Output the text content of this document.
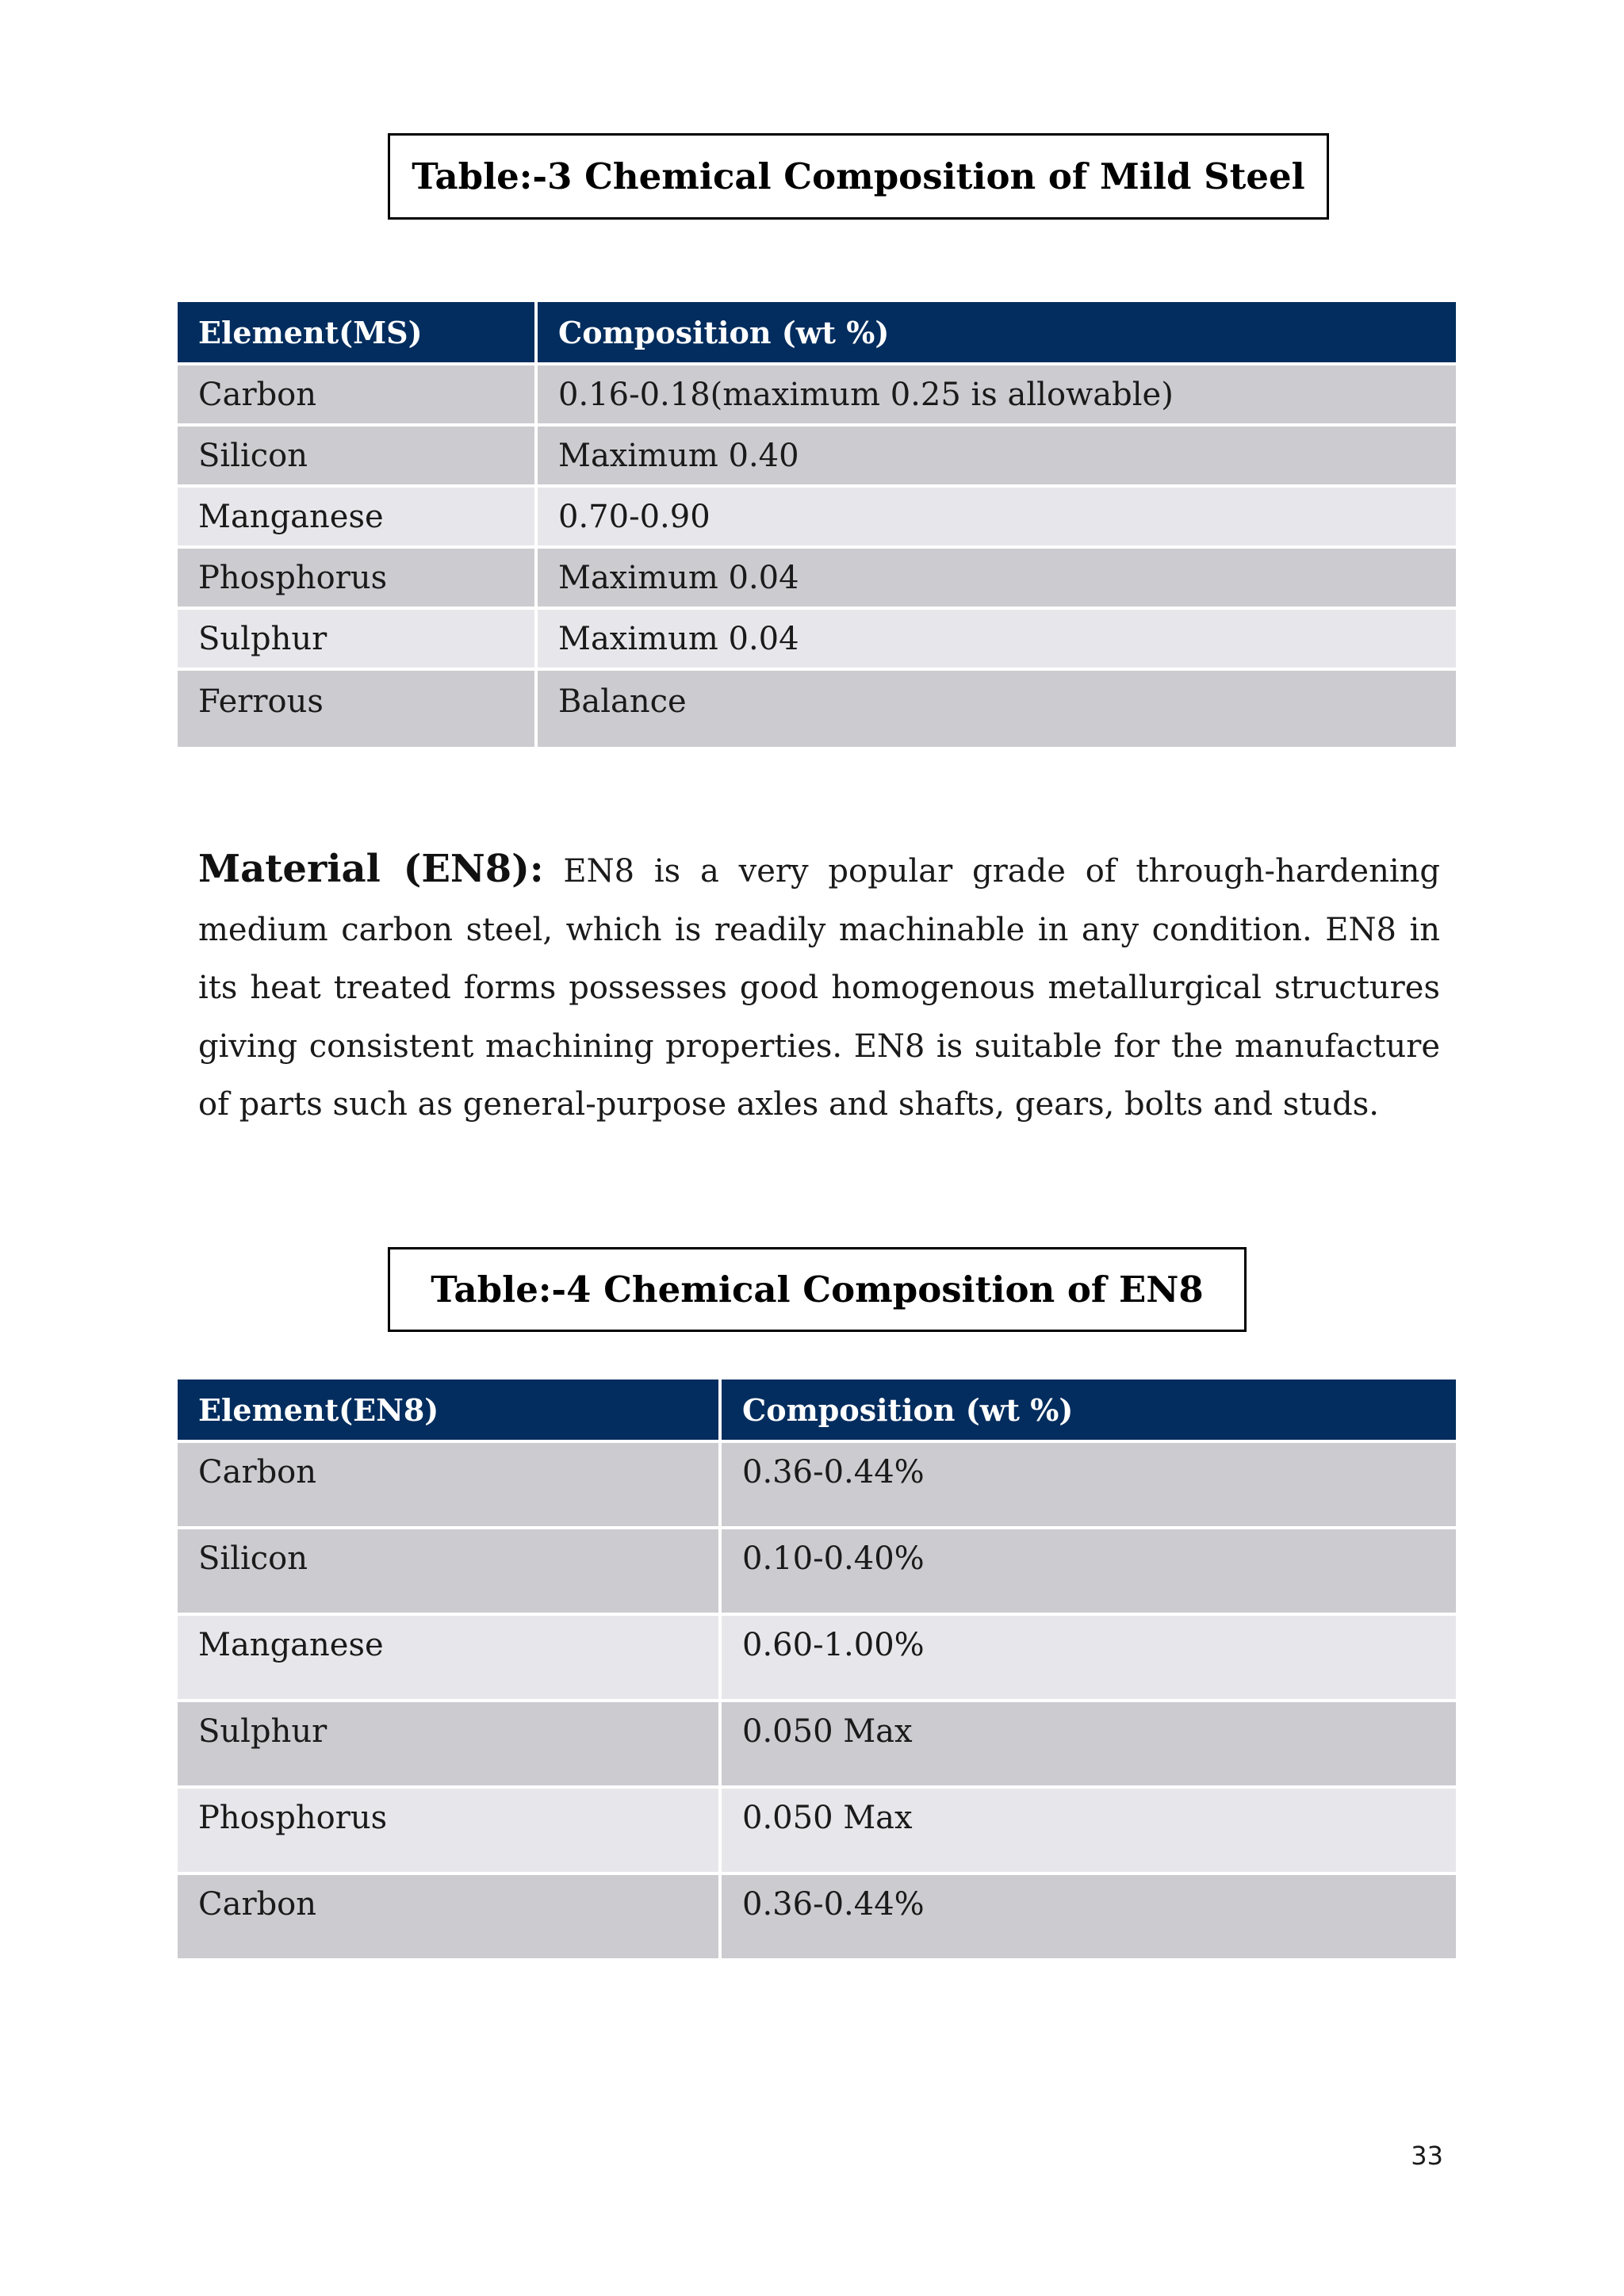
Table:-3 Chemical Composition of Mild Steel
Element(MS)	Composition (wt %)
Carbon	0.16-0.18(maximum 0.25 is allowable)
Silicon	Maximum 0.40
Manganese	0.70-0.90
Phosphorus	Maximum 0.04
Sulphur	Maximum 0.04
Ferrous	Balance
Material (EN8): EN8 is a very popular grade of through-hardening medium carbon steel, which is readily machinable in any condition. EN8 in its heat treated forms possesses good homogenous metallurgical structures giving consistent machining properties. EN8 is suitable for the manufacture of parts such as general-purpose axles and shafts, gears, bolts and studs.
Table:-4 Chemical Composition of EN8
Element(EN8)	Composition (wt %)
Carbon	0.36-0.44%
Silicon	0.10-0.40%
Manganese	0.60-1.00%
Sulphur	0.050 Max
Phosphorus	0.050 Max
Carbon	0.36-0.44%
33
